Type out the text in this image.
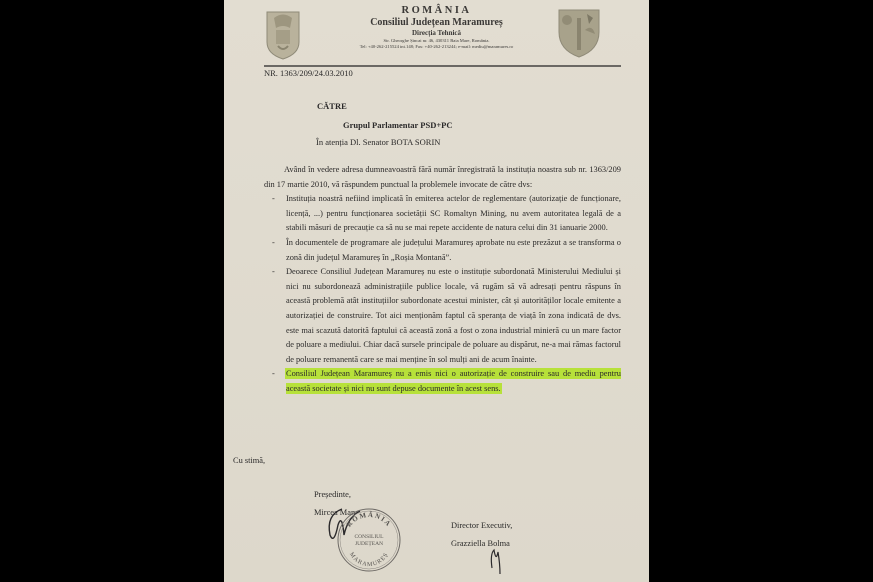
ROMÂNIA
Consiliul Județean Maramureș
Direcția Tehnică
Str. Gheorghe Șincai nr. 46, 430311 Baia Mare, România.
Tel: +40-262-215524 int.148; Fax: +40-262-213244; e-mail: mediu@maramures.ro
NR. 1363/209/24.03.2010
CĂTRE
Grupul Parlamentar PSD+PC
În atenția Dl. Senator BOTA SORIN

Având în vedere adresa dumneavoastră fără număr înregistrată la instituția noastra sub nr. 1363/209 din 17 martie 2010, vă răspundem punctual la problemele invocate de către dvs:

- Instituția noastră nefiind implicată în emiterea actelor de reglementare (autorizație de funcționare, licență, ...) pentru funcționarea societății SC Romaltyn Mining, nu avem autoritatea legală de a stabili măsuri de precauție ca să nu se mai repete accidente de natura celui din 31 ianuarie 2000.

- În documentele de programare ale județului Maramureș aprobate nu este prezăzut a se transforma o zonă din județul Maramureș în „Roșia Montană”.

- Deoarece Consiliul Județean Maramureș nu este o instituție subordonată Ministerului Mediului și nici nu subordonează administrațiile publice locale, vă rugăm să vă adresați pentru răspuns în această problemă atât instituțiilor subordonate acestui minister, cât și autorităților locale emitente a autorizației de construire. Tot aici menționăm faptul că speranța de viață în zona indicată de dvs. este mai scazută datorită faptului că această zonă a fost o zona industrial minieră cu un mare factor de poluare a mediului. Chiar dacă sursele principale de poluare au dispărut, ne-a mai rămas factorul de poluare remanentă care se mai menține în sol mulți ani de acum înainte.

- Consiliul Județean Maramureș nu a emis nici o autorizație de construire sau de mediu pentru această societate și nici nu sunt depuse documente în acest sens.

Cu stimă,
Președinte,
Mircea Man
ROMÂNIA
CONSILIUL
JUDEȚEAN
MARAMUREȘ
Director Executiv,
Grazziella Bolma
